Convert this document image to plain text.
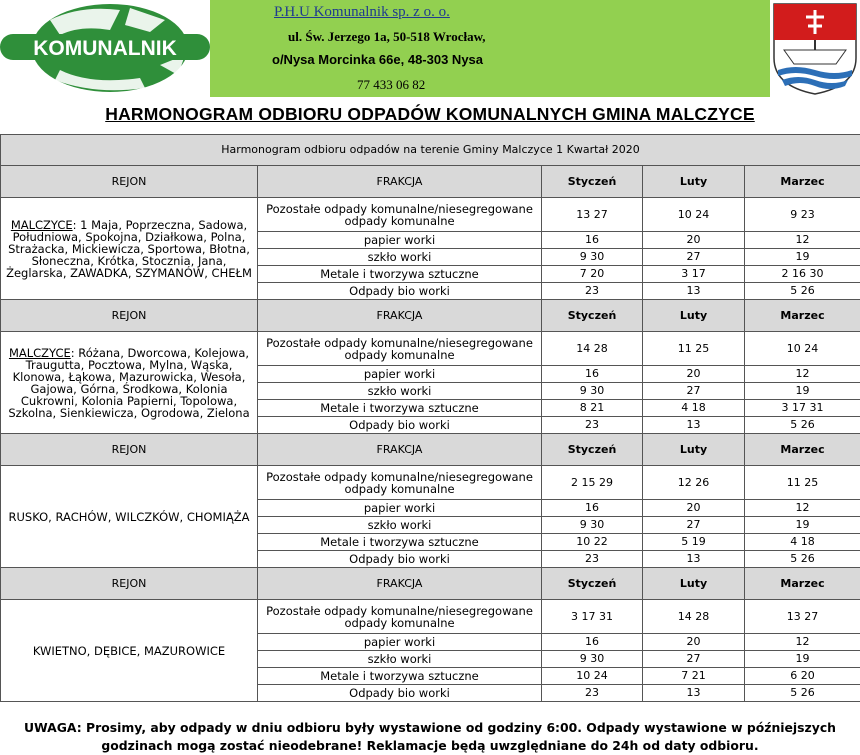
KOMUNALNIK
P.H.U Komunalnik sp. z o. o.
ul. Św. Jerzego 1a, 50-518 Wrocław,
o/Nysa Morcinka 66e, 48-303 Nysa
77 433 06 82
HARMONOGRAM ODBIORU ODPADÓW KOMUNALNYCH GMINA MALCZYCE
Harmonogram odbioru odpadów na terenie Gminy Malczyce 1 Kwartał 2020				
REJON	FRAKCJA	Styczeń	Luty	Marzec
MALCZYCE: 1 Maja, Poprzeczna, Sadowa, Południowa, Spokojna, Działkowa, Polna, Strażacka, Mickiewicza, Sportowa, Błotna, Słoneczna, Krótka, Stocznia, Jana, Żeglarska, ZAWADKA, SZYMANÓW, CHEŁM	Pozostałe odpady komunalne/niesegregowane odpady komunalne	13 27	10 24	9 23
	papier worki	16	20	12
	szkło worki	9 30	27	19
	Metale i tworzywa sztuczne	7 20	3 17	2 16 30
	Odpady bio worki	23	13	5 26
REJON	FRAKCJA	Styczeń	Luty	Marzec
MALCZYCE: Różana, Dworcowa, Kolejowa, Traugutta, Pocztowa, Mylna, Wąska, Klonowa, Łąkowa, Mazurowicka, Wesoła, Gajowa, Górna, Środkowa, Kolonia Cukrowni, Kolonia Papierni, Topolowa, Szkolna, Sienkiewicza, Ogrodowa, Zielona	Pozostałe odpady komunalne/niesegregowane odpady komunalne	14 28	11 25	10 24
	papier worki	16	20	12
	szkło worki	9 30	27	19
	Metale i tworzywa sztuczne	8 21	4 18	3 17 31
	Odpady bio worki	23	13	5 26
REJON	FRAKCJA	Styczeń	Luty	Marzec
RUSKO, RACHÓW, WILCZKÓW, CHOMIĄŻA	Pozostałe odpady komunalne/niesegregowane odpady komunalne	2 15 29	12 26	11 25
	papier worki	16	20	12
	szkło worki	9 30	27	19
	Metale i tworzywa sztuczne	10 22	5 19	4 18
	Odpady bio worki	23	13	5 26
REJON	FRAKCJA	Styczeń	Luty	Marzec
KWIETNO, DĘBICE, MAZUROWICE	Pozostałe odpady komunalne/niesegregowane odpady komunalne	3 17 31	14 28	13 27
	papier worki	16	20	12
	szkło worki	9 30	27	19
	Metale i tworzywa sztuczne	10 24	7 21	6 20
	Odpady bio worki	23	13	5 26
UWAGA: Prosimy, aby odpady w dniu odbioru były wystawione od godziny 6:00. Odpady wystawione w późniejszych godzinach mogą zostać nieodebrane! Reklamacje będą uwzględniane do 24h od daty odbioru.
